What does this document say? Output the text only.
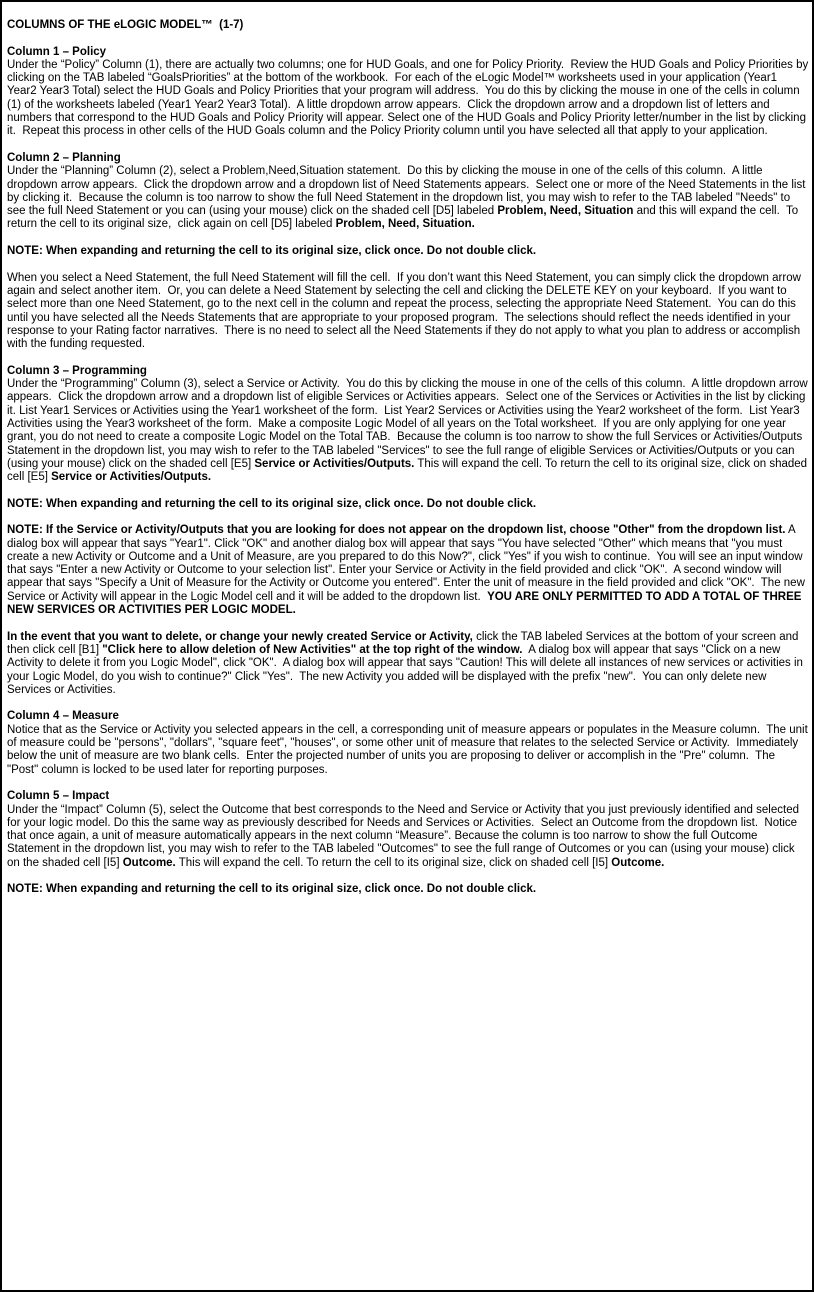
COLUMNS OF THE eLOGIC MODEL™  (1-7)
Column 1 – Policy
Under the “Policy” Column (1), there are actually two columns; one for HUD Goals, and one for Policy Priority.  Review the HUD Goals and Policy Priorities by clicking on the TAB labeled “GoalsPriorities” at the bottom of the workbook.  For each of the eLogic Model™ worksheets used in your application (Year1 Year2 Year3 Total) select the HUD Goals and Policy Priorities that your program will address.  You do this by clicking the mouse in one of the cells in column (1) of the worksheets labeled (Year1 Year2 Year3 Total).  A little dropdown arrow appears.  Click the dropdown arrow and a dropdown list of letters and numbers that correspond to the HUD Goals and Policy Priority will appear. Select one of the HUD Goals and Policy Priority letter/number in the list by clicking it.  Repeat this process in other cells of the HUD Goals column and the Policy Priority column until you have selected all that apply to your application.
Column 2 – Planning
Under the “Planning” Column (2), select a Problem,Need,Situation statement.  Do this by clicking the mouse in one of the cells of this column.  A little dropdown arrow appears.  Click the dropdown arrow and a dropdown list of Need Statements appears.  Select one or more of the Need Statements in the list by clicking it.  Because the column is too narrow to show the full Need Statement in the dropdown list, you may wish to refer to the TAB labeled "Needs" to see the full Need Statement or you can (using your mouse) click on the shaded cell [D5] labeled Problem, Need, Situation and this will expand the cell.  To return the cell to its original size,  click again on cell [D5] labeled Problem, Need, Situation.
NOTE: When expanding and returning the cell to its original size, click once. Do not double click.
When you select a Need Statement, the full Need Statement will fill the cell.  If you don’t want this Need Statement, you can simply click the dropdown arrow again and select another item.  Or, you can delete a Need Statement by selecting the cell and clicking the DELETE KEY on your keyboard.  If you want to select more than one Need Statement, go to the next cell in the column and repeat the process, selecting the appropriate Need Statement.  You can do this until you have selected all the Needs Statements that are appropriate to your proposed program.  The selections should reflect the needs identified in your response to your Rating factor narratives.  There is no need to select all the Need Statements if they do not apply to what you plan to address or accomplish with the funding requested.
Column 3 – Programming
Under the “Programming” Column (3), select a Service or Activity.  You do this by clicking the mouse in one of the cells of this column.  A little dropdown arrow appears.  Click the dropdown arrow and a dropdown list of eligible Services or Activities appears.  Select one of the Services or Activities in the list by clicking it. List Year1 Services or Activities using the Year1 worksheet of the form.  List Year2 Services or Activities using the Year2 worksheet of the form.  List Year3 Activities using the Year3 worksheet of the form.  Make a composite Logic Model of all years on the Total worksheet.  If you are only applying for one year grant, you do not need to create a composite Logic Model on the Total TAB.  Because the column is too narrow to show the full Services or Activities/Outputs Statement in the dropdown list, you may wish to refer to the TAB labeled "Services" to see the full range of eligible Services or Activities/Outputs or you can (using your mouse) click on the shaded cell [E5] Service or Activities/Outputs. This will expand the cell. To return the cell to its original size, click on shaded cell [E5] Service or Activities/Outputs.
NOTE: When expanding and returning the cell to its original size, click once. Do not double click.
NOTE: If the Service or Activity/Outputs that you are looking for does not appear on the dropdown list, choose "Other" from the dropdown list. A dialog box will appear that says "Year1". Click "OK" and another dialog box will appear that says "You have selected "Other" which means that "you must create a new Activity or Outcome and a Unit of Measure, are you prepared to do this Now?", click "Yes" if you wish to continue.  You will see an input window that says "Enter a new Activity or Outcome to your selection list". Enter your Service or Activity in the field provided and click "OK".  A second window will appear that says "Specify a Unit of Measure for the Activity or Outcome you entered". Enter the unit of measure in the field provided and click "OK".  The new Service or Activity will appear in the Logic Model cell and it will be added to the dropdown list.  YOU ARE ONLY PERMITTED TO ADD A TOTAL OF THREE NEW SERVICES OR ACTIVITIES PER LOGIC MODEL.
In the event that you want to delete, or change your newly created Service or Activity, click the TAB labeled Services at the bottom of your screen and then click cell [B1] "Click here to allow deletion of New Activities" at the top right of the window.  A dialog box will appear that says "Click on a new Activity to delete it from you Logic Model", click "OK".  A dialog box will appear that says "Caution! This will delete all instances of new services or activities in your Logic Model, do you wish to continue?" Click "Yes".  The new Activity you added will be displayed with the prefix "new".  You can only delete new Services or Activities.
Column 4 – Measure
Notice that as the Service or Activity you selected appears in the cell, a corresponding unit of measure appears or populates in the Measure column.  The unit of measure could be "persons", "dollars", "square feet", "houses", or some other unit of measure that relates to the selected Service or Activity.  Immediately below the unit of measure are two blank cells.  Enter the projected number of units you are proposing to deliver or accomplish in the "Pre" column.  The "Post" column is locked to be used later for reporting purposes.
Column 5 – Impact
Under the “Impact” Column (5), select the Outcome that best corresponds to the Need and Service or Activity that you just previously identified and selected for your logic model. Do this the same way as previously described for Needs and Services or Activities.  Select an Outcome from the dropdown list.  Notice that once again, a unit of measure automatically appears in the next column “Measure”. Because the column is too narrow to show the full Outcome Statement in the dropdown list, you may wish to refer to the TAB labeled "Outcomes" to see the full range of Outcomes or you can (using your mouse) click on the shaded cell [I5] Outcome. This will expand the cell. To return the cell to its original size, click on shaded cell [I5] Outcome.
NOTE: When expanding and returning the cell to its original size, click once. Do not double click.
